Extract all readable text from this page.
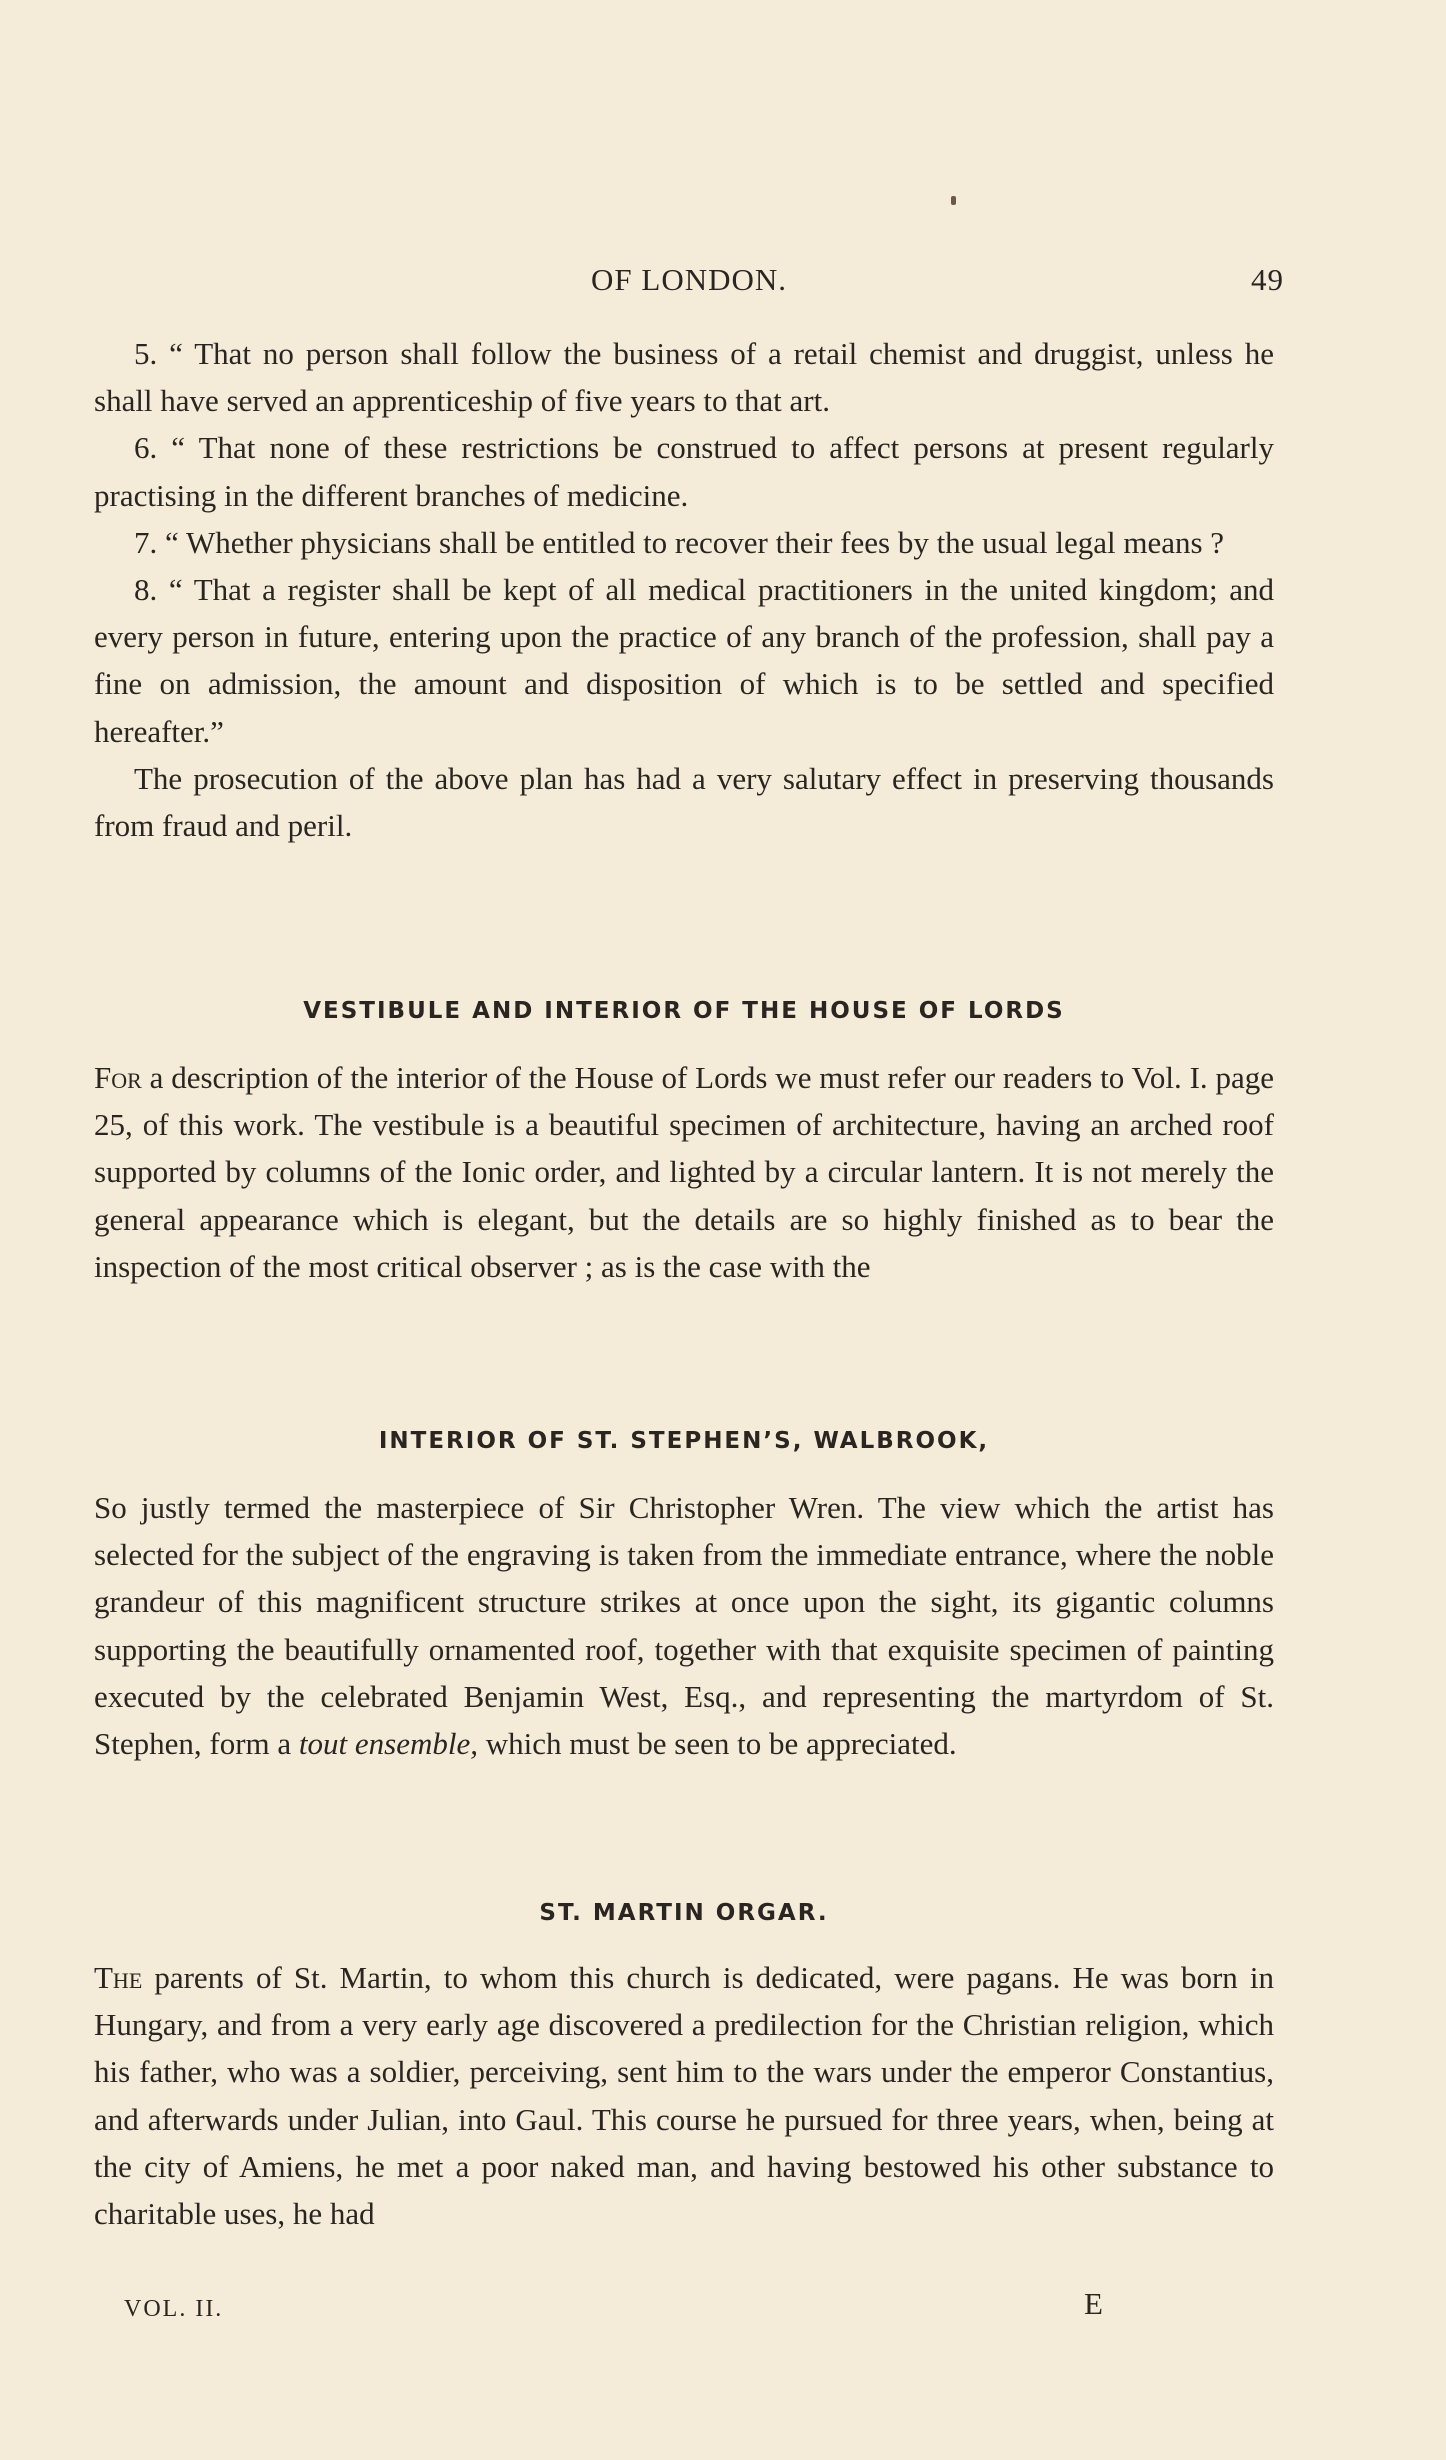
OF LONDON.	49

5. “ That no person shall follow the business of a retail chemist and druggist, unless he shall have served an apprenticeship of five years to that art.

6. “ That none of these restrictions be construed to affect persons at present regularly practising in the different branches of medicine.

7. “ Whether physicians shall be entitled to recover their fees by the usual legal means ?

8. “ That a register shall be kept of all medical practitioners in the united kingdom; and every person in future, entering upon the practice of any branch of the profession, shall pay a fine on admission, the amount and disposition of which is to be settled and specified hereafter.”

The prosecution of the above plan has had a very salutary effect in preserving thousands from fraud and peril.

VESTIBULE AND INTERIOR OF THE HOUSE OF LORDS

For a description of the interior of the House of Lords we must refer our readers to Vol. I. page 25, of this work. The vestibule is a beautiful specimen of architecture, having an arched roof supported by columns of the Ionic order, and lighted by a circular lantern. It is not merely the general appearance which is elegant, but the details are so highly finished as to bear the inspection of the most critical observer ; as is the case with the

INTERIOR OF ST. STEPHEN’S, WALBROOK,

So justly termed the masterpiece of Sir Christopher Wren. The view which the artist has selected for the subject of the engraving is taken from the immediate entrance, where the noble grandeur of this magnificent structure strikes at once upon the sight, its gigantic columns supporting the beautifully ornamented roof, together with that exquisite specimen of painting executed by the celebrated Benjamin West, Esq., and representing the martyrdom of St. Stephen, form a tout ensemble, which must be seen to be appreciated.

ST. MARTIN ORGAR.

The parents of St. Martin, to whom this church is dedicated, were pagans. He was born in Hungary, and from a very early age discovered a predilection for the Christian religion, which his father, who was a soldier, perceiving, sent him to the wars under the emperor Constantius, and afterwards under Julian, into Gaul. This course he pursued for three years, when, being at the city of Amiens, he met a poor naked man, and having bestowed his other substance to charitable uses, he had

VOL. II.	E
